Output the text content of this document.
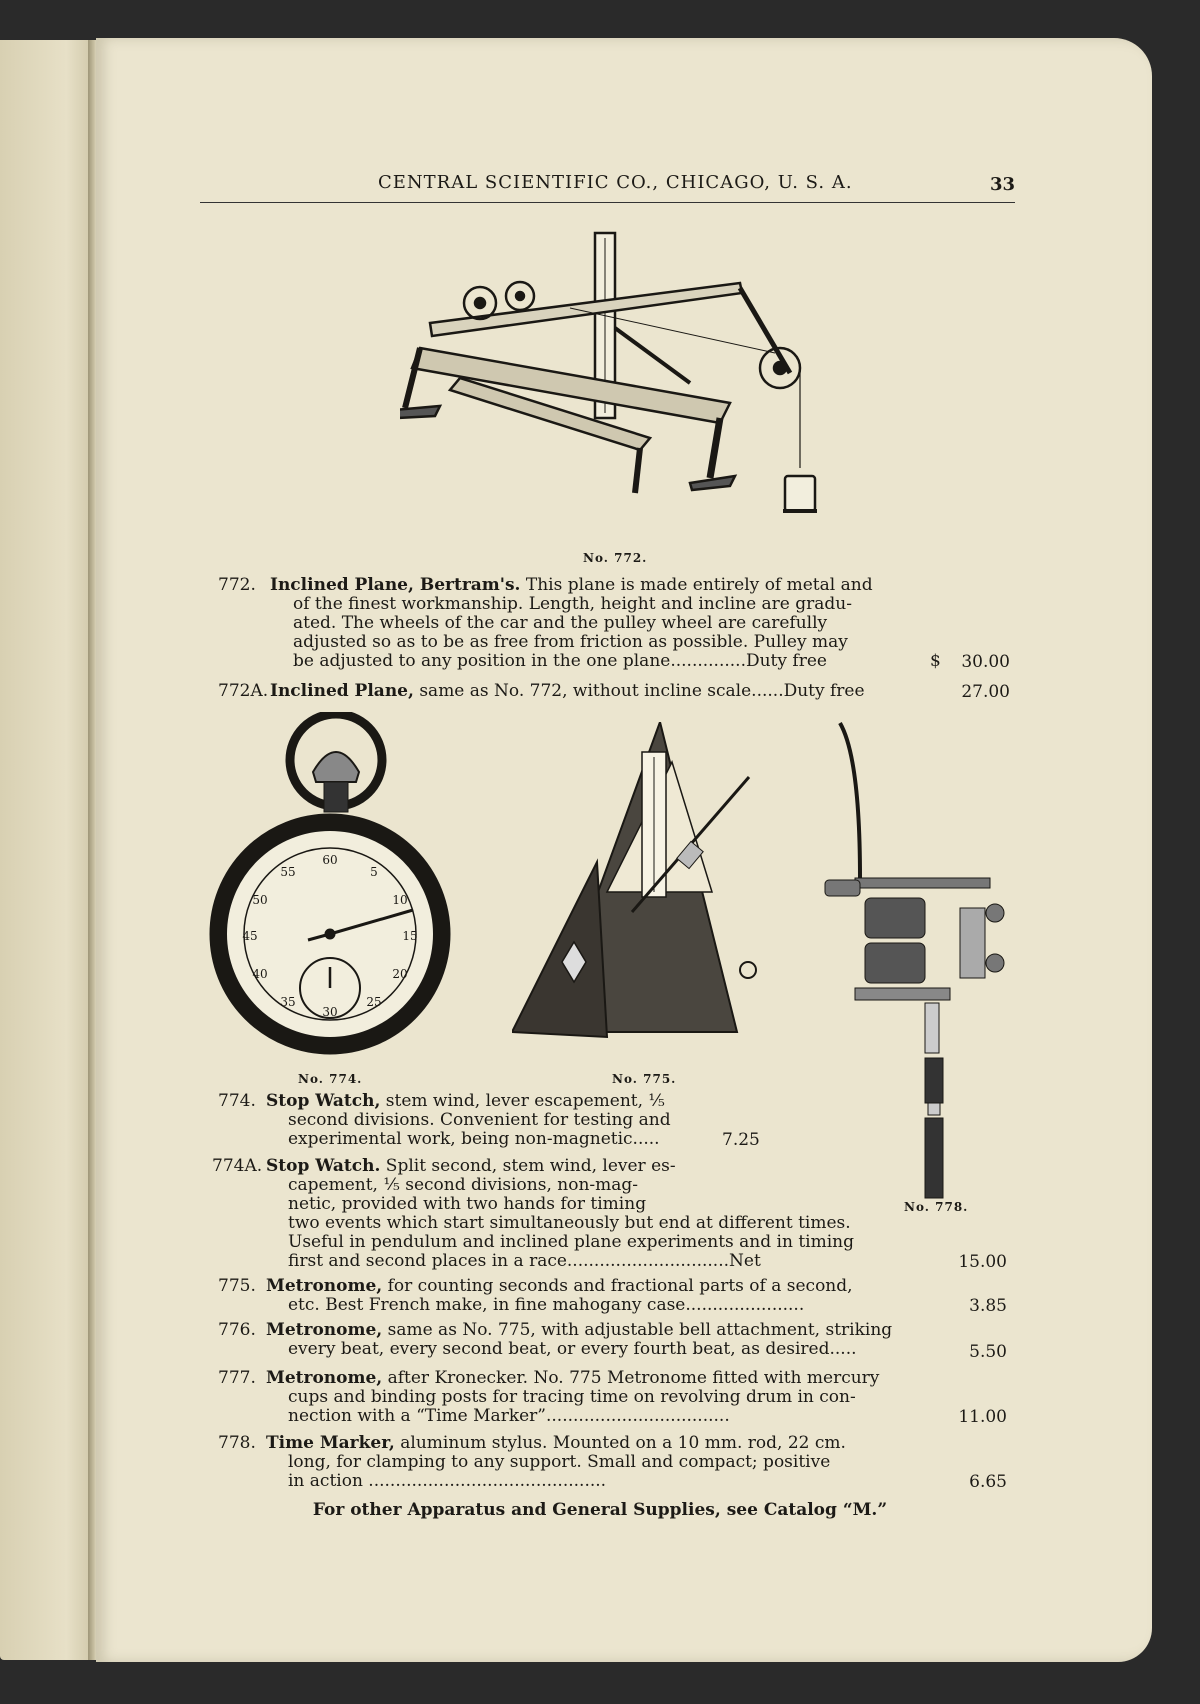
CENTRAL SCIENTIFIC CO., CHICAGO, U. S. A.	33
No. 772.
772. Inclined Plane, Bertram's. This plane is made entirely of metal and
of the finest workmanship. Length, height and incline are gradu-
ated. The wheels of the car and the pulley wheel are carefully
adjusted so as to be as free from friction as possible. Pulley may
be adjusted to any position in the one plane..............Duty free	$	30.00
772A. Inclined Plane, same as No. 772, without incline scale......Duty free	27.00
60
5
10
15
20
25
30
35
40
45
50
55
No. 774.	No. 775.
No. 778.
774. Stop Watch, stem wind, lever escapement, ⅕
second divisions. Convenient for testing and
experimental work, being non-magnetic.....	7.25
774A. Stop Watch. Split second, stem wind, lever es-
capement, ⅕ second divisions, non-mag-
netic, provided with two hands for timing
two events which start simultaneously but end at different times.
Useful in pendulum and inclined plane experiments and in timing
first and second places in a race..............................Net	15.00
775. Metronome, for counting seconds and fractional parts of a second,
etc. Best French make, in fine mahogany case......................	3.85
776. Metronome, same as No. 775, with adjustable bell attachment, striking
every beat, every second beat, or every fourth beat, as desired.....	5.50
777. Metronome, after Kronecker. No. 775 Metronome fitted with mercury
cups and binding posts for tracing time on revolving drum in con-
nection with a “Time Marker”..................................	11.00
778. Time Marker, aluminum stylus. Mounted on a 10 mm. rod, 22 cm.
long, for clamping to any support. Small and compact; positive
in action ............................................	6.65
For other Apparatus and General Supplies, see Catalog “M.”
